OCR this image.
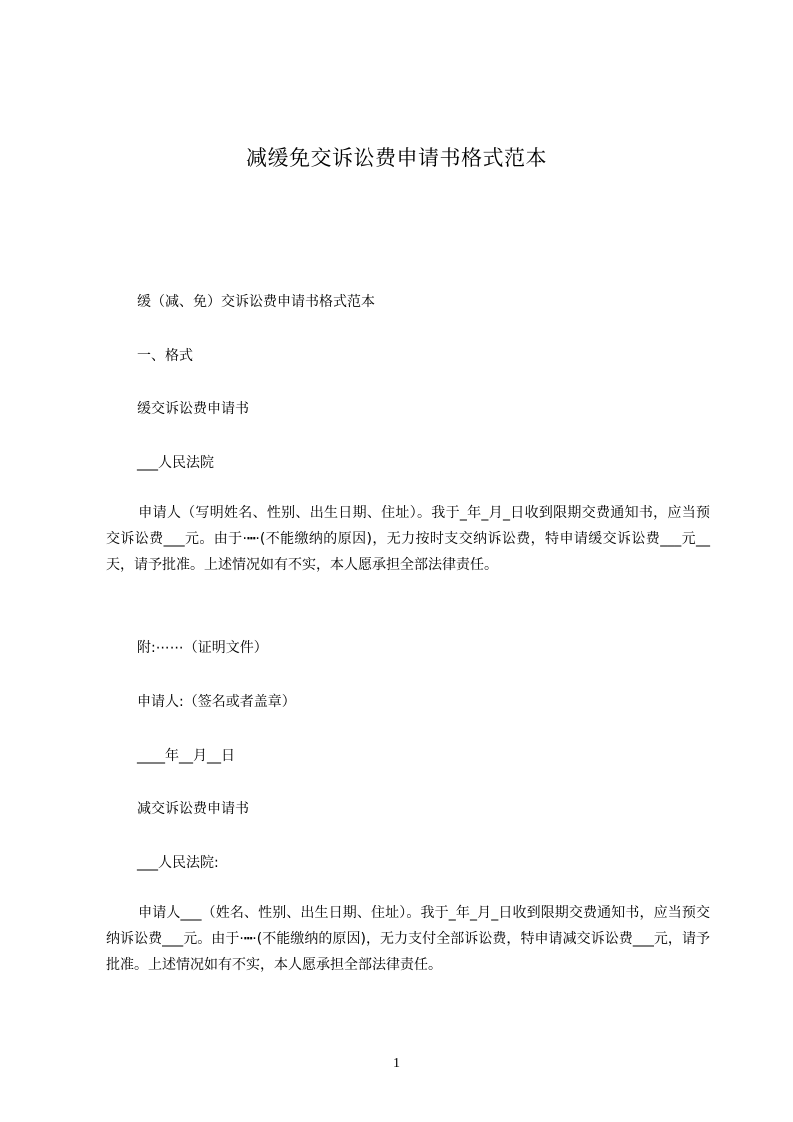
减缓免交诉讼费申请书格式范本
缓（减、免）交诉讼费申请书格式范本
一、格式
缓交诉讼费申请书
___人民法院
申请人（写明姓名、性别、出生日期、住址）。我于_年_月_日收到限期交费通知书，应当预交诉讼费___元。由于·┅·(不能缴纳的原因)，无力按时支交纳诉讼费，特申请缓交诉讼费___元__天，请予批准。上述情况如有不实，本人愿承担全部法律责任。
附:⋯⋯（证明文件）
申请人:（签名或者盖章）
____年__月__日
减交诉讼费申请书
___人民法院:
申请人___（姓名、性别、出生日期、住址）。我于_年_月_日收到限期交费通知书，应当预交纳诉讼费___元。由于·┅·(不能缴纳的原因)，无力支付全部诉讼费，特申请减交诉讼费___元，请予批准。上述情况如有不实，本人愿承担全部法律责任。
1
